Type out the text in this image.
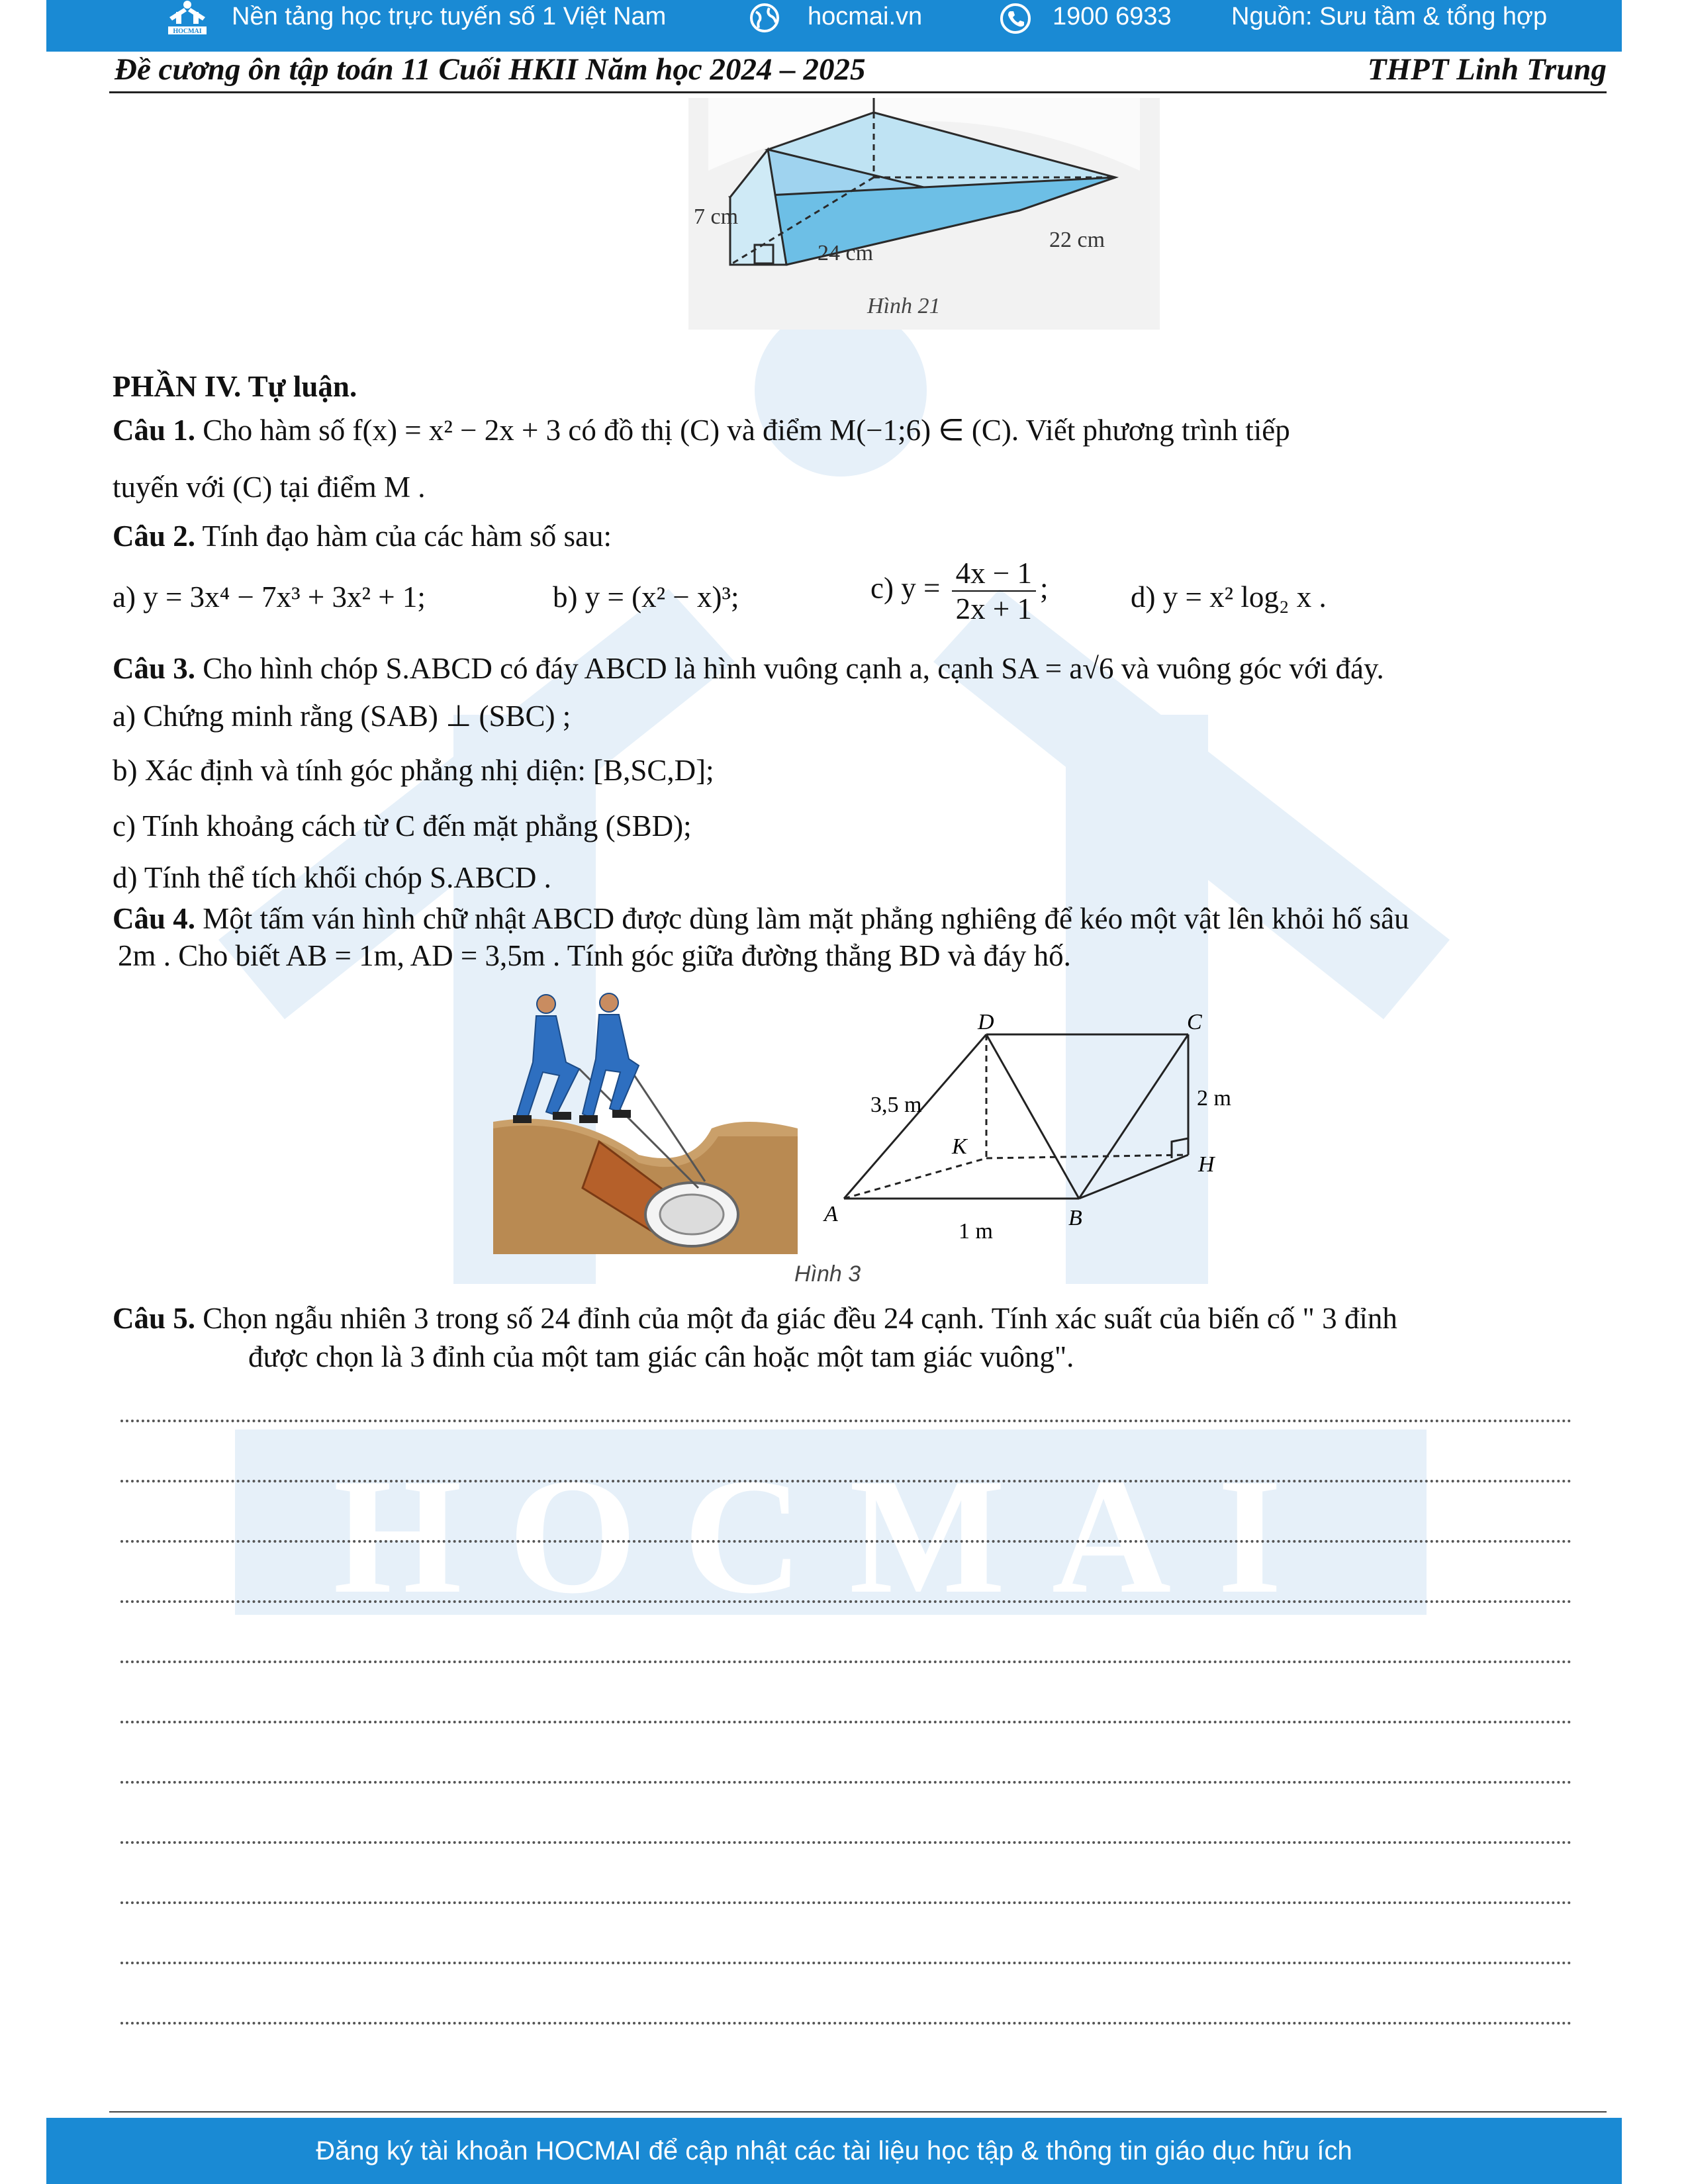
HOCMAI
HOCMAI
Nền tảng học trực tuyến số 1 Việt Nam	hocmai.vn	1900 6933 Nguồn: Sưu tầm & tổng hợp
Đề cương ôn tập toán 11 Cuối HKII Năm học 2024 – 2025	THPT Linh Trung
7 cm
24 cm
22 cm
Hình 21
PHẦN IV. Tự luận.
Câu 1. Cho hàm số f(x) = x² − 2x + 3 có đồ thị (C) và điểm M(−1;6) ∈ (C). Viết phương trình tiếp
tuyến với (C) tại điểm M .
Câu 2. Tính đạo hàm của các hàm số sau:
a) y = 3x⁴ − 7x³ + 3x² + 1;	b) y = (x² − x)³;	c) $y = \frac{4x - 1}{2x + 1}$ ;	d) y = x² log₂ x .
Câu 3. Cho hình chóp S.ABCD có đáy ABCD là hình vuông cạnh a, cạnh SA = a√6 và vuông góc với đáy.
a) Chứng minh rằng (SAB) ⊥ (SBC) ;
b) Xác định và tính góc phẳng nhị diện: [B,SC,D];
c) Tính khoảng cách từ C đến mặt phẳng (SBD);
d) Tính thể tích khối chóp S.ABCD .
Câu 4. Một tấm ván hình chữ nhật ABCD được dùng làm mặt phẳng nghiêng để kéo một vật lên khỏi hố sâu
2m . Cho biết AB = 1m, AD = 3,5m . Tính góc giữa đường thẳng BD và đáy hố.
D	C
A	B
K
H
3,5 m	2 m
1 m
Hình 3
Câu 5. Chọn ngẫu nhiên 3 trong số 24 đỉnh của một đa giác đều 24 cạnh. Tính xác suất của biến cố " 3 đỉnh
được chọn là 3 đỉnh của một tam giác cân hoặc một tam giác vuông".
Đăng ký tài khoản HOCMAI để cập nhật các tài liệu học tập & thông tin giáo dục hữu ích
